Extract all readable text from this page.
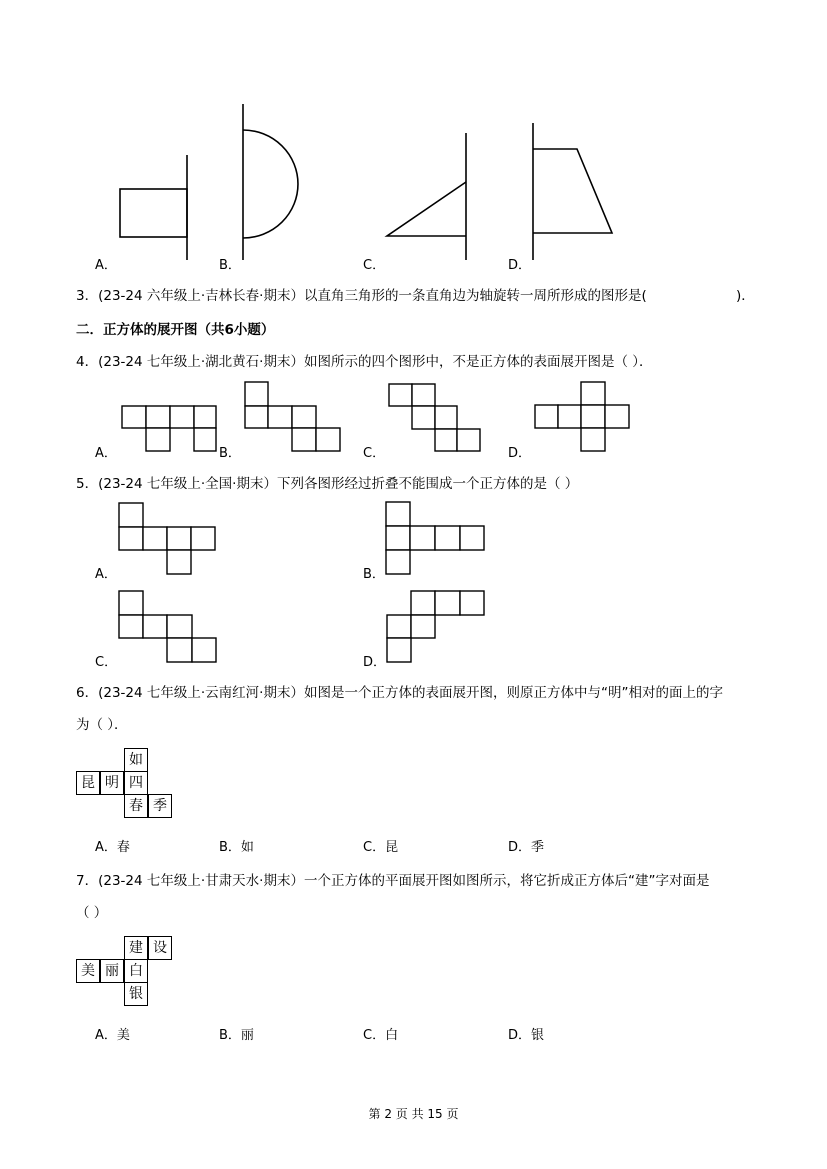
A．	B．	C．	D．
3．(23-24 六年级上·吉林长春·期末）以直角三角形的一条直角边为轴旋转一周所形成的图形是(	)．
二．正方体的展开图（共6小题）
4．(23-24 七年级上·湖北黄石·期末）如图所示的四个图形中，不是正方体的表面展开图是（ ）．
A．	B．	C．	D．
5．(23-24 七年级上·全国·期末）下列各图形经过折叠不能围成一个正方体的是（ ）
A．	B．
C．	D．
6．(23-24 七年级上·云南红河·期末）如图是一个正方体的表面展开图，则原正方体中与“明”相对的面上的字
为（ ）．
如
昆 明 四
春 季
A．春	B．如	C．昆	D．季
7．(23-24 七年级上·甘肃天水·期末）一个正方体的平面展开图如图所示，将它折成正方体后“建”字对面是
（ ）
建 设
美 丽 白
银
A．美	B．丽	C．白	D．银
第 2 页 共 15 页
